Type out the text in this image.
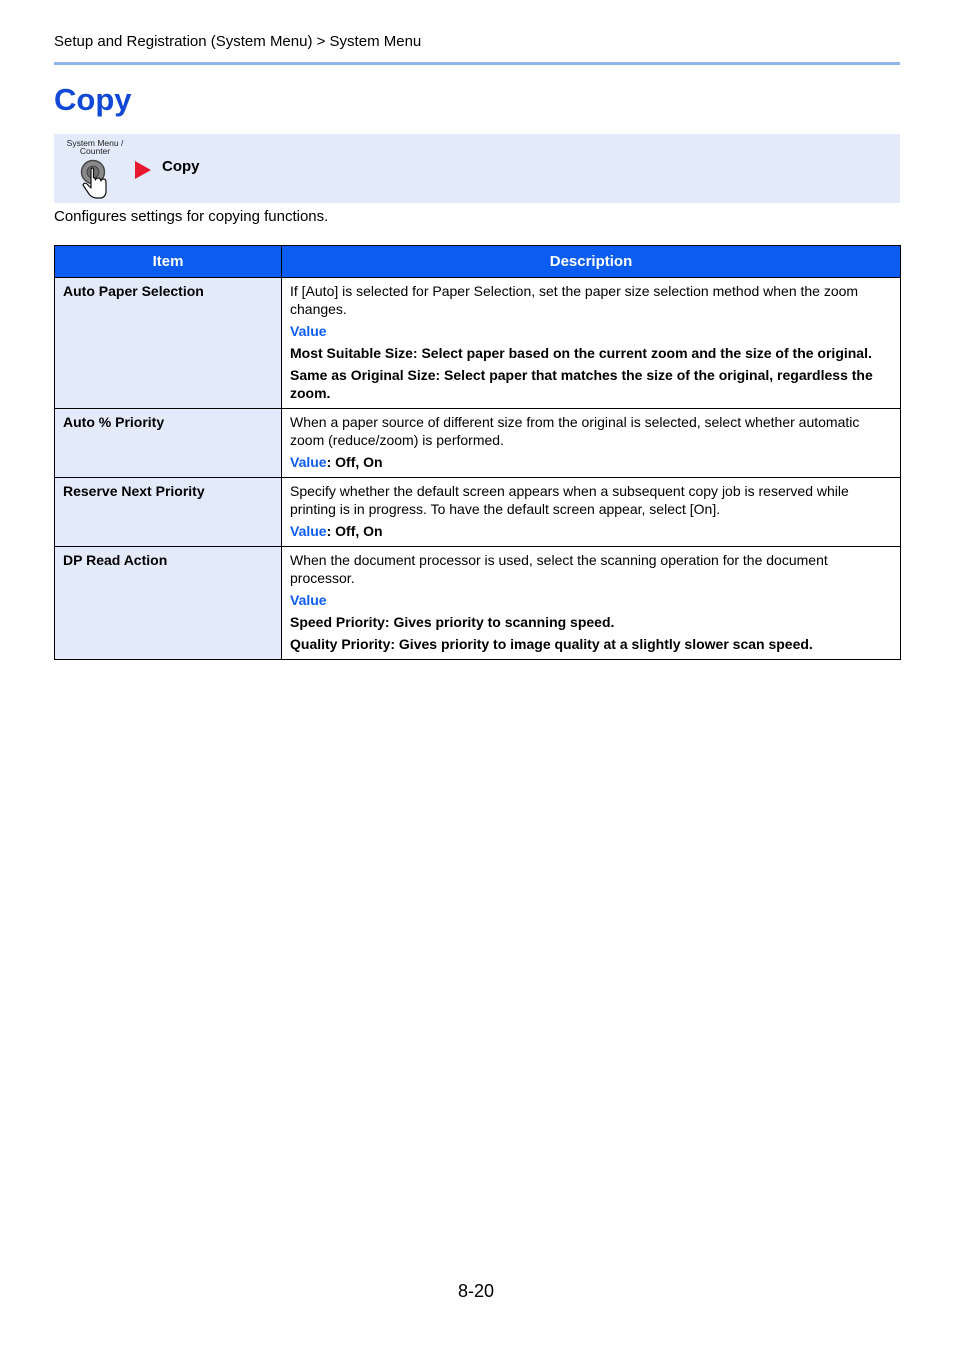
Setup and Registration (System Menu) > System Menu
Copy
System Menu / Counter
Copy
Configures settings for copying functions.
Item	Description
Auto Paper Selection	If [Auto] is selected for Paper Selection, set the paper size selection method when the zoom changes.
Value
Most Suitable Size: Select paper based on the current zoom and the size of the original.
Same as Original Size: Select paper that matches the size of the original, regardless the zoom.

Auto % Priority	When a paper source of different size from the original is selected, select whether automatic zoom (reduce/zoom) is performed.
Value: Off, On

Reserve Next Priority	Specify whether the default screen appears when a subsequent copy job is reserved while printing is in progress. To have the default screen appear, select [On].
Value: Off, On

DP Read Action	When the document processor is used, select the scanning operation for the document processor.
Value
Speed Priority: Gives priority to scanning speed.
Quality Priority: Gives priority to image quality at a slightly slower scan speed.
8-20
